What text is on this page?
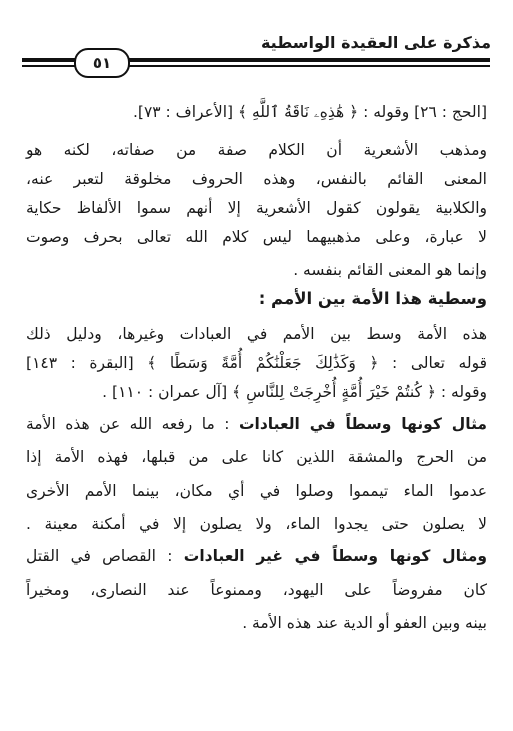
مذكرة على العقيدة الواسطية
٥١
[الحج : ٢٦] وقوله : ﴿ هَٰذِهِۦ نَاقَةُ ٱللَّهِ ﴾ [الأعراف : ٧٣].
ومذهب الأشعرية أن الكلام صفة من صفاته، لكنه هو
المعنى القائم بالنفس، وهذه الحروف مخلوقة لتعبر عنه،
والكلابية يقولون كقول الأشعرية إلا أنهم سموا الألفاظ حكاية
لا عبارة، وعلى مذهبيهما ليس كلام الله تعالى بحرف وصوت
وإنما هو المعنى القائم بنفسه .
وسطية هذا الأمة بين الأمم :
هذه الأمة وسط بين الأمم في العبادات وغيرها، ودليل ذلك
قوله تعالى : ﴿ وَكَذَٰلِكَ جَعَلْنَٰكُمْ أُمَّةً وَسَطًا ﴾ [البقرة : ١٤٣]
وقوله : ﴿ كُنتُمْ خَيْرَ أُمَّةٍ أُخْرِجَتْ لِلنَّاسِ ﴾ [آل عمران : ١١٠] .
مثال كونها وسطاً في العبادات : ما رفعه الله عن هذه الأمة
من الحرج والمشقة اللذين كانا على من قبلها، فهذه الأمة إذا
عدموا الماء تيمموا وصلوا في أي مكان، بينما الأمم الأخرى
لا يصلون حتى يجدوا الماء، ولا يصلون إلا في أمكنة معينة .
ومثال كونها وسطاً في غير العبادات : القصاص في القتل
كان مفروضاً على اليهود، وممنوعاً عند النصارى، ومخيراً
بينه وبين العفو أو الدية عند هذه الأمة .
